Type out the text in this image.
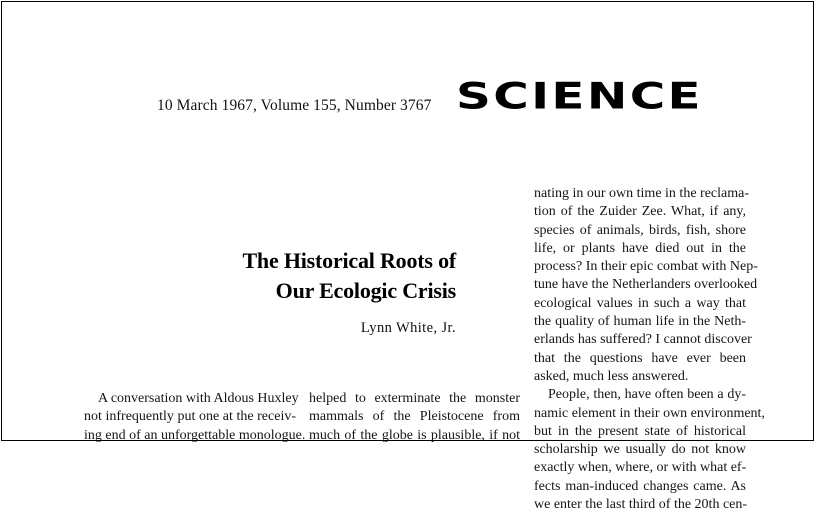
10 March 1967, Volume 155, Number 3767 SCIENCE
The Historical Roots of
Our Ecologic Crisis
Lynn White, Jr.
nating in our own time in the reclama-
tion of the Zuider Zee. What, if any,
species of animals, birds, fish, shore
life, or plants have died out in the
process? In their epic combat with Nep-
tune have the Netherlanders overlooked
ecological values in such a way that
the quality of human life in the Neth-
erlands has suffered? I cannot discover
that the questions have ever been
asked, much less answered.
People, then, have often been a dy-
namic element in their own environment,
but in the present state of historical
scholarship we usually do not know
exactly when, where, or with what ef-
fects man-induced changes came. As
we enter the last third of the 20th cen-
A conversation with Aldous Huxley
not infrequently put one at the receiv-
ing end of an unforgettable monologue.
helped to exterminate the monster
mammals of the Pleistocene from
much of the globe is plausible, if not
